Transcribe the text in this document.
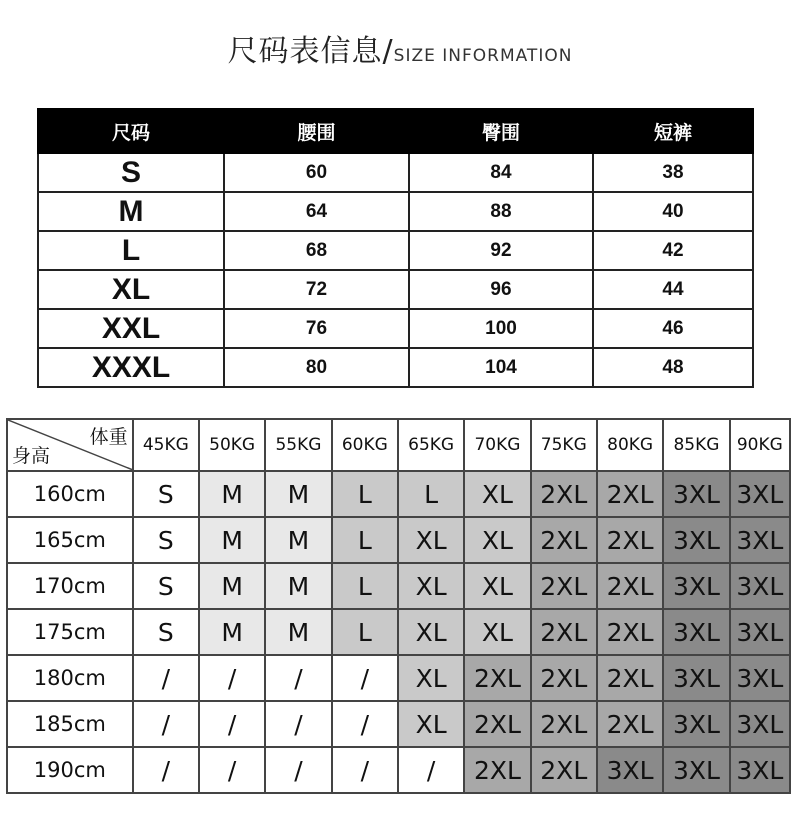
尺码表信息/SIZE INFORMATION
尺码	腰围	臀围	短裤
S	60	84	38
M	64	88	40
L	68	92	42
XL	72	96	44
XXL	76	100	46
XXXL	80	104	48
体重
身高	45KG	50KG	55KG	60KG	65KG	70KG	75KG	80KG	85KG	90KG
160cm	S	M	M	L	L	XL	2XL	2XL	3XL	3XL
165cm	S	M	M	L	XL	XL	2XL	2XL	3XL	3XL
170cm	S	M	M	L	XL	XL	2XL	2XL	3XL	3XL
175cm	S	M	M	L	XL	XL	2XL	2XL	3XL	3XL
180cm	/	/	/	/	XL	2XL	2XL	2XL	3XL	3XL
185cm	/	/	/	/	XL	2XL	2XL	2XL	3XL	3XL
190cm	/	/	/	/	/	2XL	2XL	3XL	3XL	3XL
